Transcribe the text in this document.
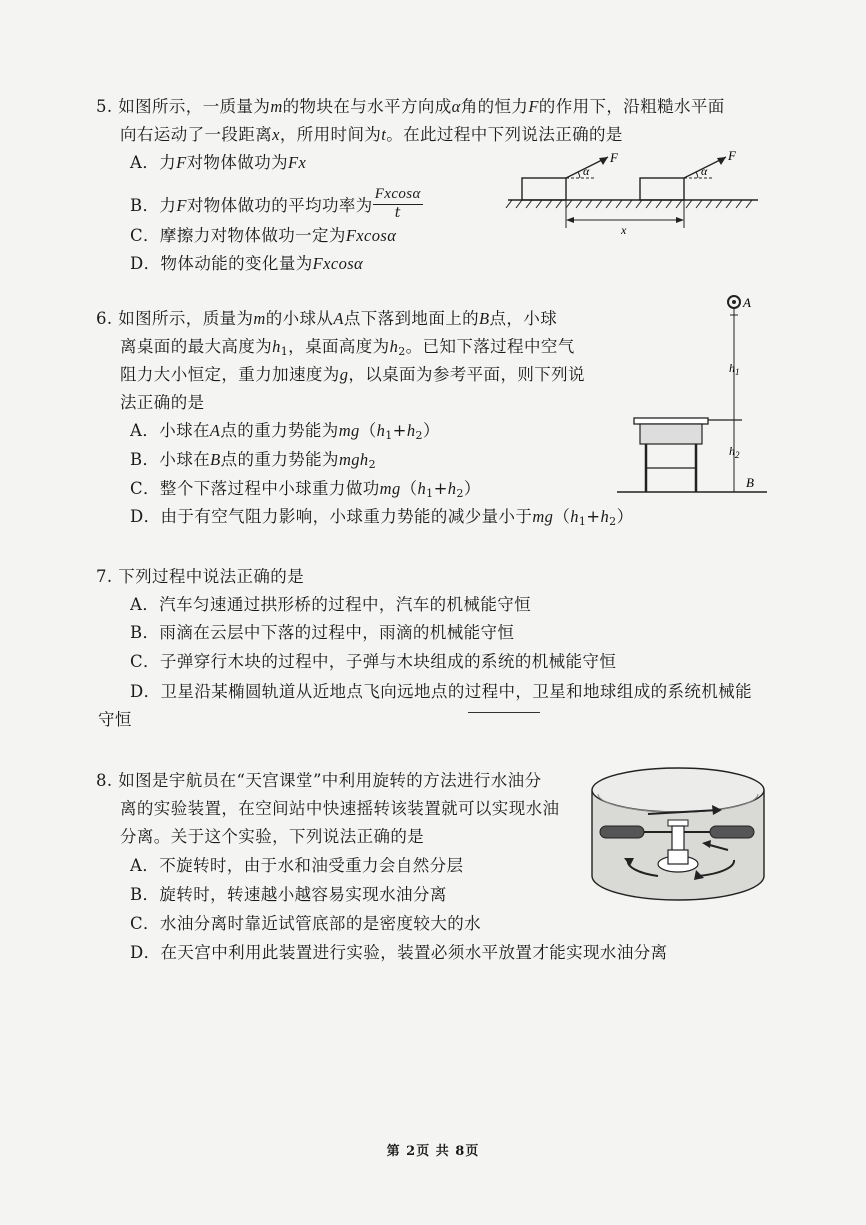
5. 如图所示，一质量为m的物块在与水平方向成α角的恒力F的作用下，沿粗糙水平面
向右运动了一段距离x，所用时间为t。在此过程中下列说法正确的是
A．力F对物体做功为Fx
B．力F对物体做功的平均功率为 $\frac{Fxcos\alpha}{t}$
C．摩擦力对物体做功一定为Fxcosα
D．物体动能的变化量为Fxcosα
F	F
α	α
x
6. 如图所示，质量为m的小球从A点下落到地面上的B点，小球
离桌面的最大高度为$h_1$，桌面高度为$h_2$。已知下落过程中空气
阻力大小恒定，重力加速度为g，以桌面为参考平面，则下列说
法正确的是
A．小球在A点的重力势能为$mg(h_1+h_2)$
B．小球在B点的重力势能为mgh$_2$
C．整个下落过程中小球重力做功$mg(h_1+h_2)$
D．由于有空气阻力影响，小球重力势能的减少量小于$mg(h_1+h_2)$
A
$h_1$
$h_2$
B
7. 下列过程中说法正确的是
A．汽车匀速通过拱形桥的过程中，汽车的机械能守恒
B．雨滴在云层中下落的过程中，雨滴的机械能守恒
C．子弹穿行木块的过程中，子弹与木块组成的系统的机械能守恒
D．卫星沿某椭圆轨道从近地点飞向远地点的过程中，卫星和地球组成的系统机械能
守恒
8. 如图是宇航员在“天宫课堂”中利用旋转的方法进行水油分
离的实验装置，在空间站中快速摇转该装置就可以实现水油
分离。关于这个实验，下列说法正确的是
A．不旋转时，由于水和油受重力会自然分层
B．旋转时，转速越小越容易实现水油分离
C．水油分离时靠近试管底部的是密度较大的水
D．在天宫中利用此装置进行实验，装置必须水平放置才能实现水油分离
第 2页 共 8页
